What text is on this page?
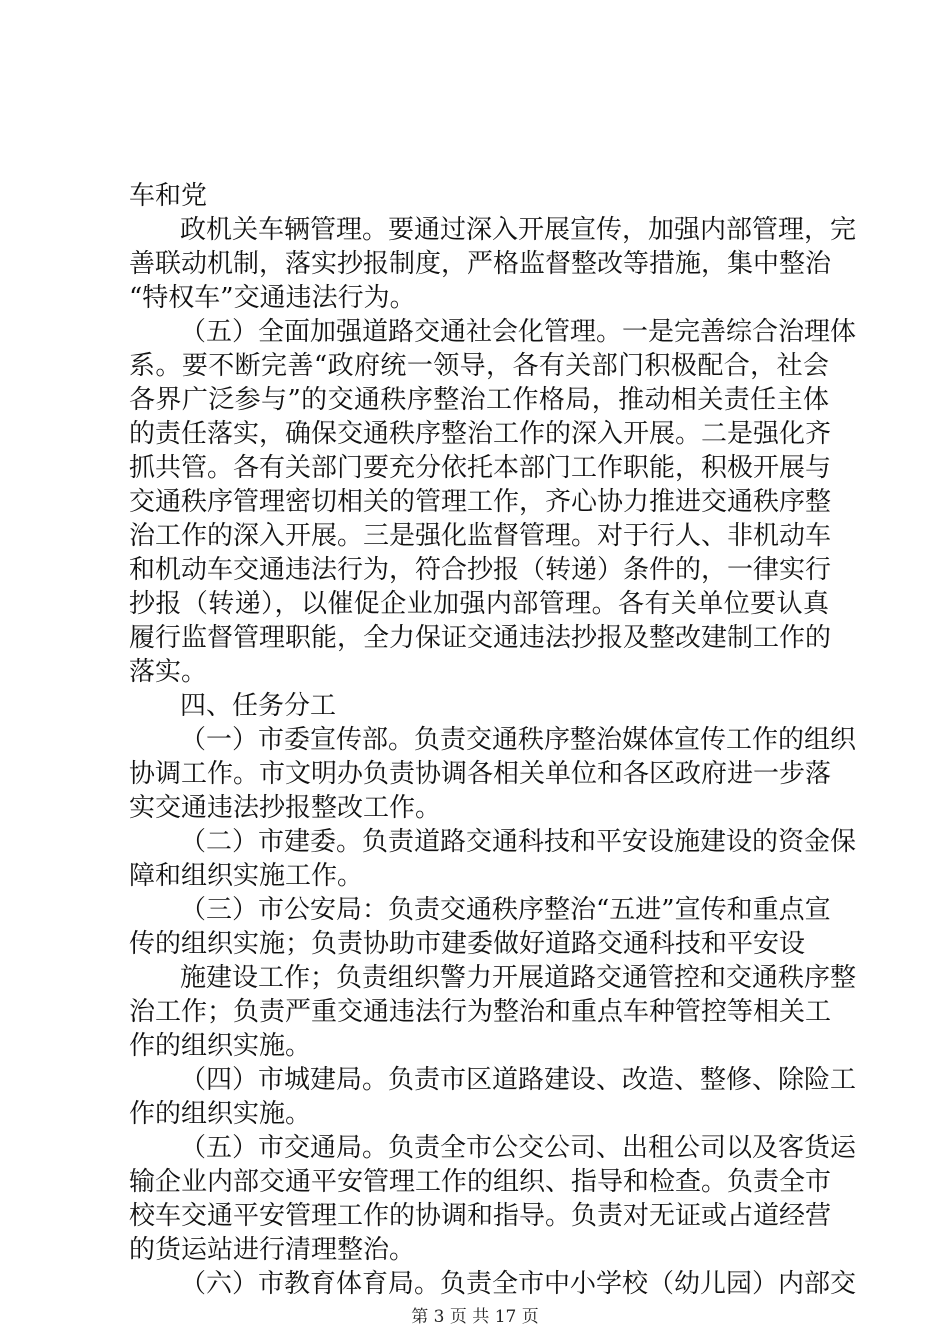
车和党
政机关车辆管理。要通过深入开展宣传，加强内部管理，完
善联动机制，落实抄报制度，严格监督整改等措施，集中整治
“特权车”交通违法行为。
（五）全面加强道路交通社会化管理。一是完善综合治理体
系。要不断完善“政府统一领导，各有关部门积极配合，社会
各界广泛参与”的交通秩序整治工作格局，推动相关责任主体
的责任落实，确保交通秩序整治工作的深入开展。二是强化齐
抓共管。各有关部门要充分依托本部门工作职能，积极开展与
交通秩序管理密切相关的管理工作，齐心协力推进交通秩序整
治工作的深入开展。三是强化监督管理。对于行人、非机动车
和机动车交通违法行为，符合抄报（转递）条件的，一律实行
抄报（转递），以催促企业加强内部管理。各有关单位要认真
履行监督管理职能，全力保证交通违法抄报及整改建制工作的
落实。
四、任务分工
（一）市委宣传部。负责交通秩序整治媒体宣传工作的组织
协调工作。市文明办负责协调各相关单位和各区政府进一步落
实交通违法抄报整改工作。
（二）市建委。负责道路交通科技和平安设施建设的资金保
障和组织实施工作。
（三）市公安局：负责交通秩序整治“五进”宣传和重点宣
传的组织实施；负责协助市建委做好道路交通科技和平安设
施建设工作；负责组织警力开展道路交通管控和交通秩序整
治工作；负责严重交通违法行为整治和重点车种管控等相关工
作的组织实施。
（四）市城建局。负责市区道路建设、改造、整修、除险工
作的组织实施。
（五）市交通局。负责全市公交公司、出租公司以及客货运
输企业内部交通平安管理工作的组织、指导和检查。负责全市
校车交通平安管理工作的协调和指导。负责对无证或占道经营
的货运站进行清理整治。
（六）市教育体育局。负责全市中小学校（幼儿园）内部交
第 3 页 共 17 页
